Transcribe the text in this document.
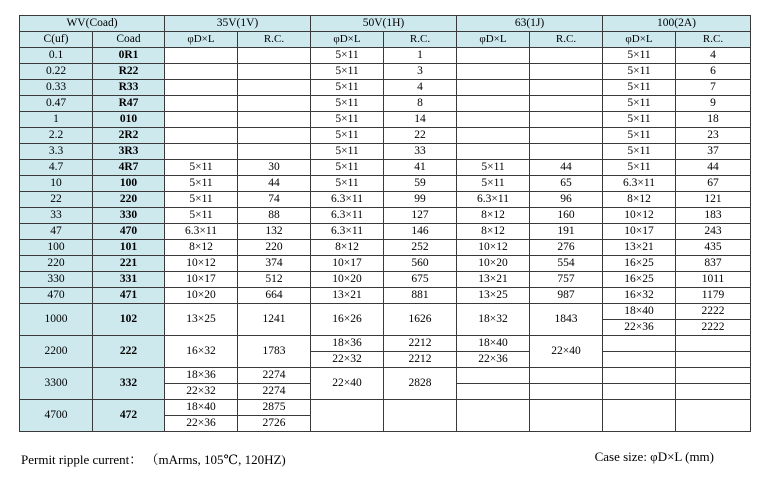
WV(Coad)		35V(1V)		50V(1H)		63(1J)		100(2A)	
C(uf)	Coad	φD×L	R.C.	φD×L	R.C.	φD×L	R.C.	φD×L	R.C.
0.1	0R1			5×11	1			5×11	4
0.22	R22			5×11	3			5×11	6
0.33	R33			5×11	4			5×11	7
0.47	R47			5×11	8			5×11	9
1	010			5×11	14			5×11	18
2.2	2R2			5×11	22			5×11	23
3.3	3R3			5×11	33			5×11	37
4.7	4R7	5×11	30	5×11	41	5×11	44	5×11	44
10	100	5×11	44	5×11	59	5×11	65	6.3×11	67
22	220	5×11	74	6.3×11	99	6.3×11	96	8×12	121
33	330	5×11	88	6.3×11	127	8×12	160	10×12	183
47	470	6.3×11	132	6.3×11	146	8×12	191	10×17	243
100	101	8×12	220	8×12	252	10×12	276	13×21	435
220	221	10×12	374	10×17	560	10×20	554	16×25	837
330	331	10×17	512	10×20	675	13×21	757	16×25	1011
470	471	10×20	664	13×21	881	13×25	987	16×32	1179
1000	102	13×25	1241	16×26	1626	18×32	1843	18×40	2222
								22×36	2222
2200	222	16×32	1783	18×36	2212	18×40	22×40		
				22×32	2212	22×36			
3300	332	18×36	2274	22×40	2828				
		22×32	2274						
4700	472	18×40	2875						
		22×36	2726						
Permit ripple current： （mArms, 105℃, 120HZ)	Case size: φD×L (mm)
